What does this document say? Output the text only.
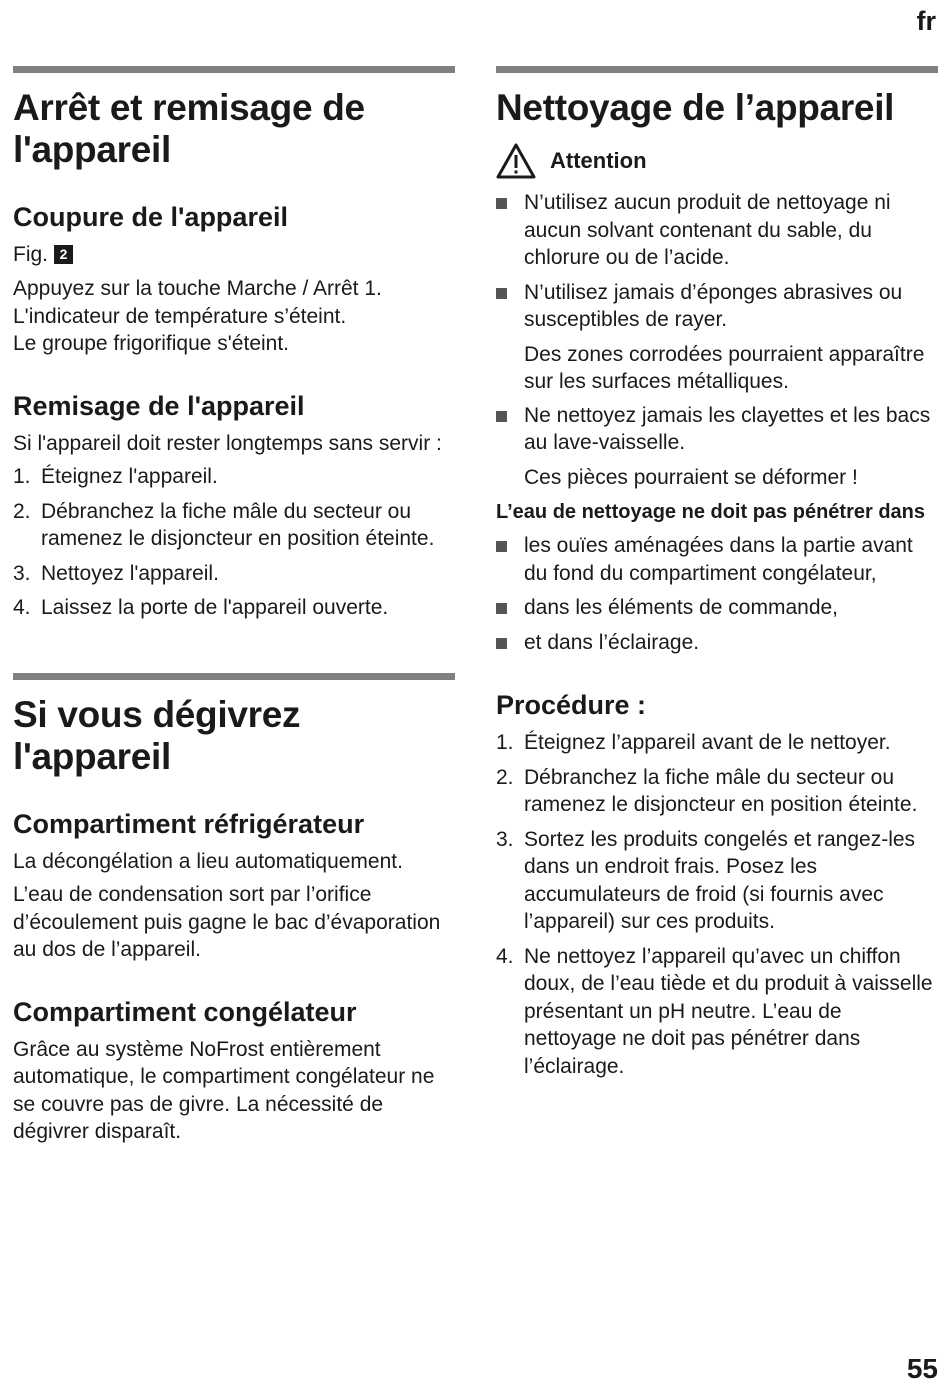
fr
Arrêt et remisage de l'appareil
Coupure de l'appareil
Fig. 2

Appuyez sur la touche Marche / Arrêt 1.
L'indicateur de température s’éteint.
Le groupe frigorifique s'éteint.

Remisage de l'appareil

Si l'appareil doit rester longtemps sans servir :

1. Éteignez l'appareil.
2. Débranchez la fiche mâle du secteur ou ramenez le disjoncteur en position éteinte.
3. Nettoyez l'appareil.
4. Laissez la porte de l'appareil ouverte.
Si vous dégivrez l'appareil
Compartiment réfrigérateur

La décongélation a lieu automatiquement.

L’eau de condensation sort par l’orifice d’écoulement puis gagne le bac d’évaporation au dos de l’appareil.

Compartiment congélateur

Grâce au système NoFrost entièrement automatique, le compartiment congélateur ne se couvre pas de givre. La nécessité de dégivrer disparaît.

Nettoyage de l’appareil
Attention
N’utilisez aucun produit de nettoyage ni aucun solvant contenant du sable, du chlorure ou de l’acide.
N’utilisez jamais d’éponges abrasives ou susceptibles de rayer.

Des zones corrodées pourraient apparaître sur les surfaces métalliques.

Ne nettoyez jamais les clayettes et les bacs au lave-vaisselle.

Ces pièces pourraient se déformer !

L’eau de nettoyage ne doit pas pénétrer dans
les ouïes aménagées dans la partie avant du fond du compartiment congélateur,
dans les éléments de commande,
et dans l’éclairage.
Procédure :
1. Éteignez l’appareil avant de le nettoyer.
2. Débranchez la fiche mâle du secteur ou ramenez le disjoncteur en position éteinte.
3. Sortez les produits congelés et rangez-les dans un endroit frais. Posez les accumulateurs de froid (si fournis avec l’appareil) sur ces produits.
4. Ne nettoyez l’appareil qu’avec un chiffon doux, de l’eau tiède et du produit à vaisselle présentant un pH neutre. L’eau de nettoyage ne doit pas pénétrer dans l’éclairage.
55
